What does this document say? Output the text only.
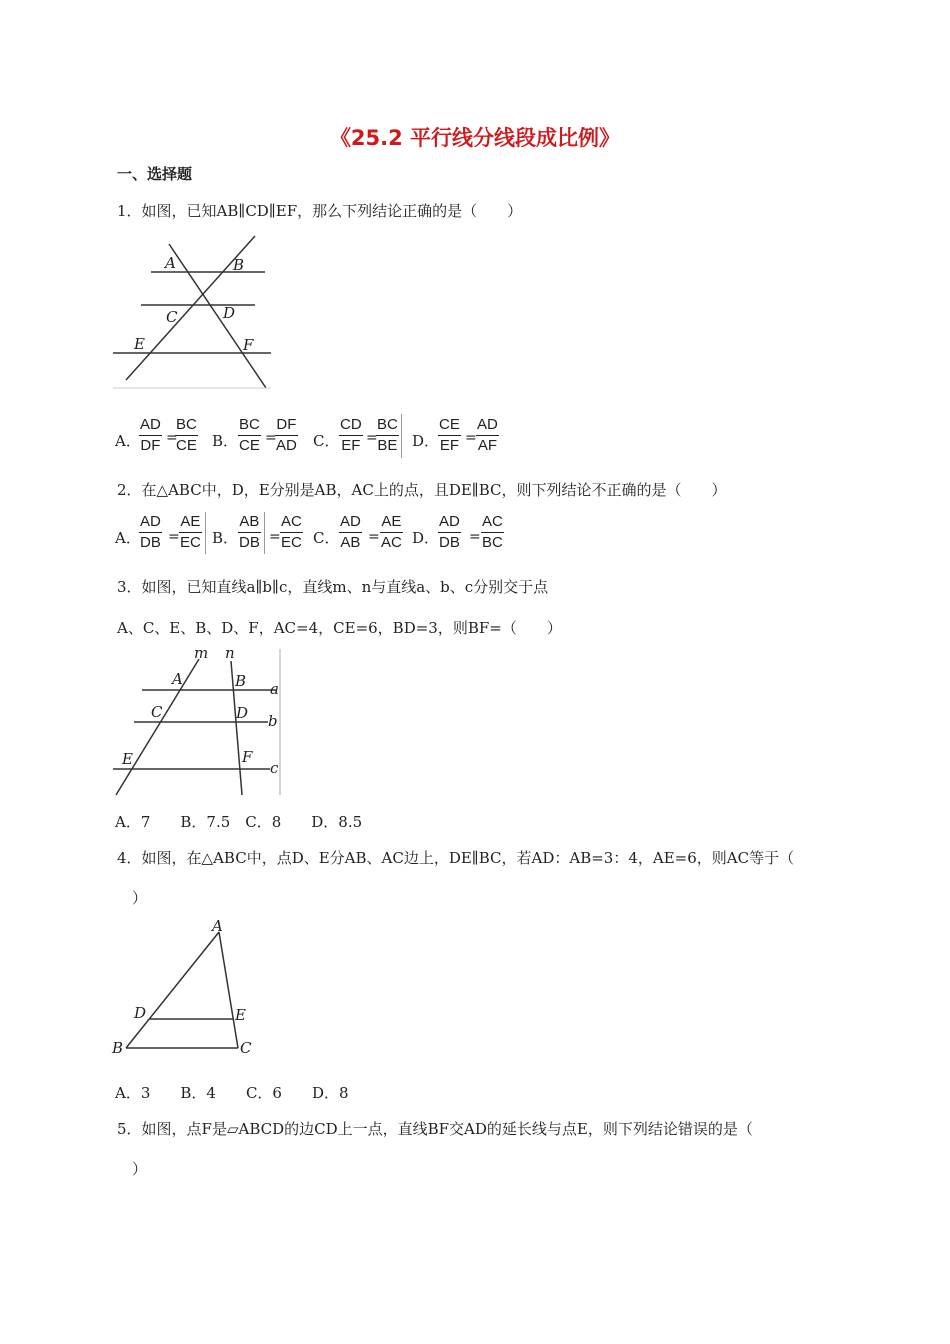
《25.2 平行线分线段成比例》
一、选择题
1．如图，已知AB∥CD∥EF，那么下列结论正确的是（　　）
A	B
C	D
E	F
A．
$\frac{AD}{DF}$ =
$\frac{BC}{CE}$ B． $\frac{BC}{CE}$ =
$\frac{DF}{AD}$ C． $\frac{CD}{EF}$ =
$\frac{BC}{BE}$ D．
$\frac{CE}{EF} = \frac{AD}{AF}$
2．在△ABC中，D，E分别是AB，AC上的点，且DE∥BC，则下列结论不正确的是（　　）
A．
$\frac{AD}{DB} = \frac{AE}{EC}$ B． $\frac{AB}{DB} = \frac{AC}{EC}$ C． $\frac{AD}{AB} = \frac{AE}{AC}$ D．
$\frac{AD}{DB} = \frac{AC}{BC}$
3．如图，已知直线a∥b∥c，直线m、n与直线a、b、c分别交于点
A、C、E、B、D、F，AC=4，CE=6，BD=3，则BF=（　　）
m n
A	B
C	D
E	F
a
b
c
A．7　　B．7.5　C．8　　D．8.5
4．如图，在△ABC中，点D、E分AB、AC边上，DE∥BC，若AD：AB=3：4，AE=6，则AC等于（
　）
A
B	C
D	E
A．3　　B．4　　C．6　　D．8
5．如图，点F是▱ABCD的边CD上一点，直线BF交AD的延长线与点E，则下列结论错误的是（
　）
